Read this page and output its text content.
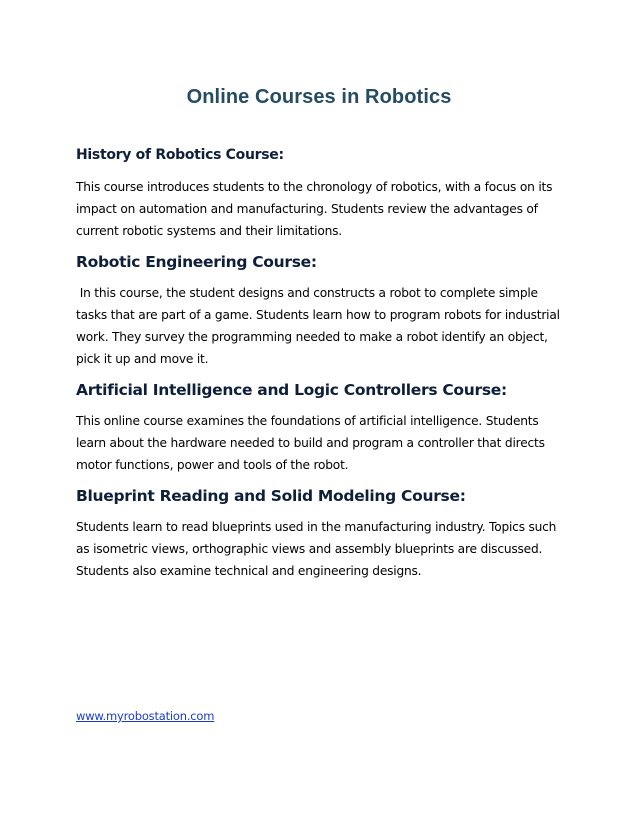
Online Courses in Robotics
History of Robotics Course:

This course introduces students to the chronology of robotics, with a focus on its impact on automation and manufacturing. Students review the advantages of current robotic systems and their limitations.

Robotic Engineering Course:

In this course, the student designs and constructs a robot to complete simple tasks that are part of a game. Students learn how to program robots for industrial work. They survey the programming needed to make a robot identify an object, pick it up and move it.

Artificial Intelligence and Logic Controllers Course:

This online course examines the foundations of artificial intelligence. Students learn about the hardware needed to build and program a controller that directs motor functions, power and tools of the robot.

Blueprint Reading and Solid Modeling Course:

Students learn to read blueprints used in the manufacturing industry. Topics such as isometric views, orthographic views and assembly blueprints are discussed. Students also examine technical and engineering designs.

www.myrobostation.com
